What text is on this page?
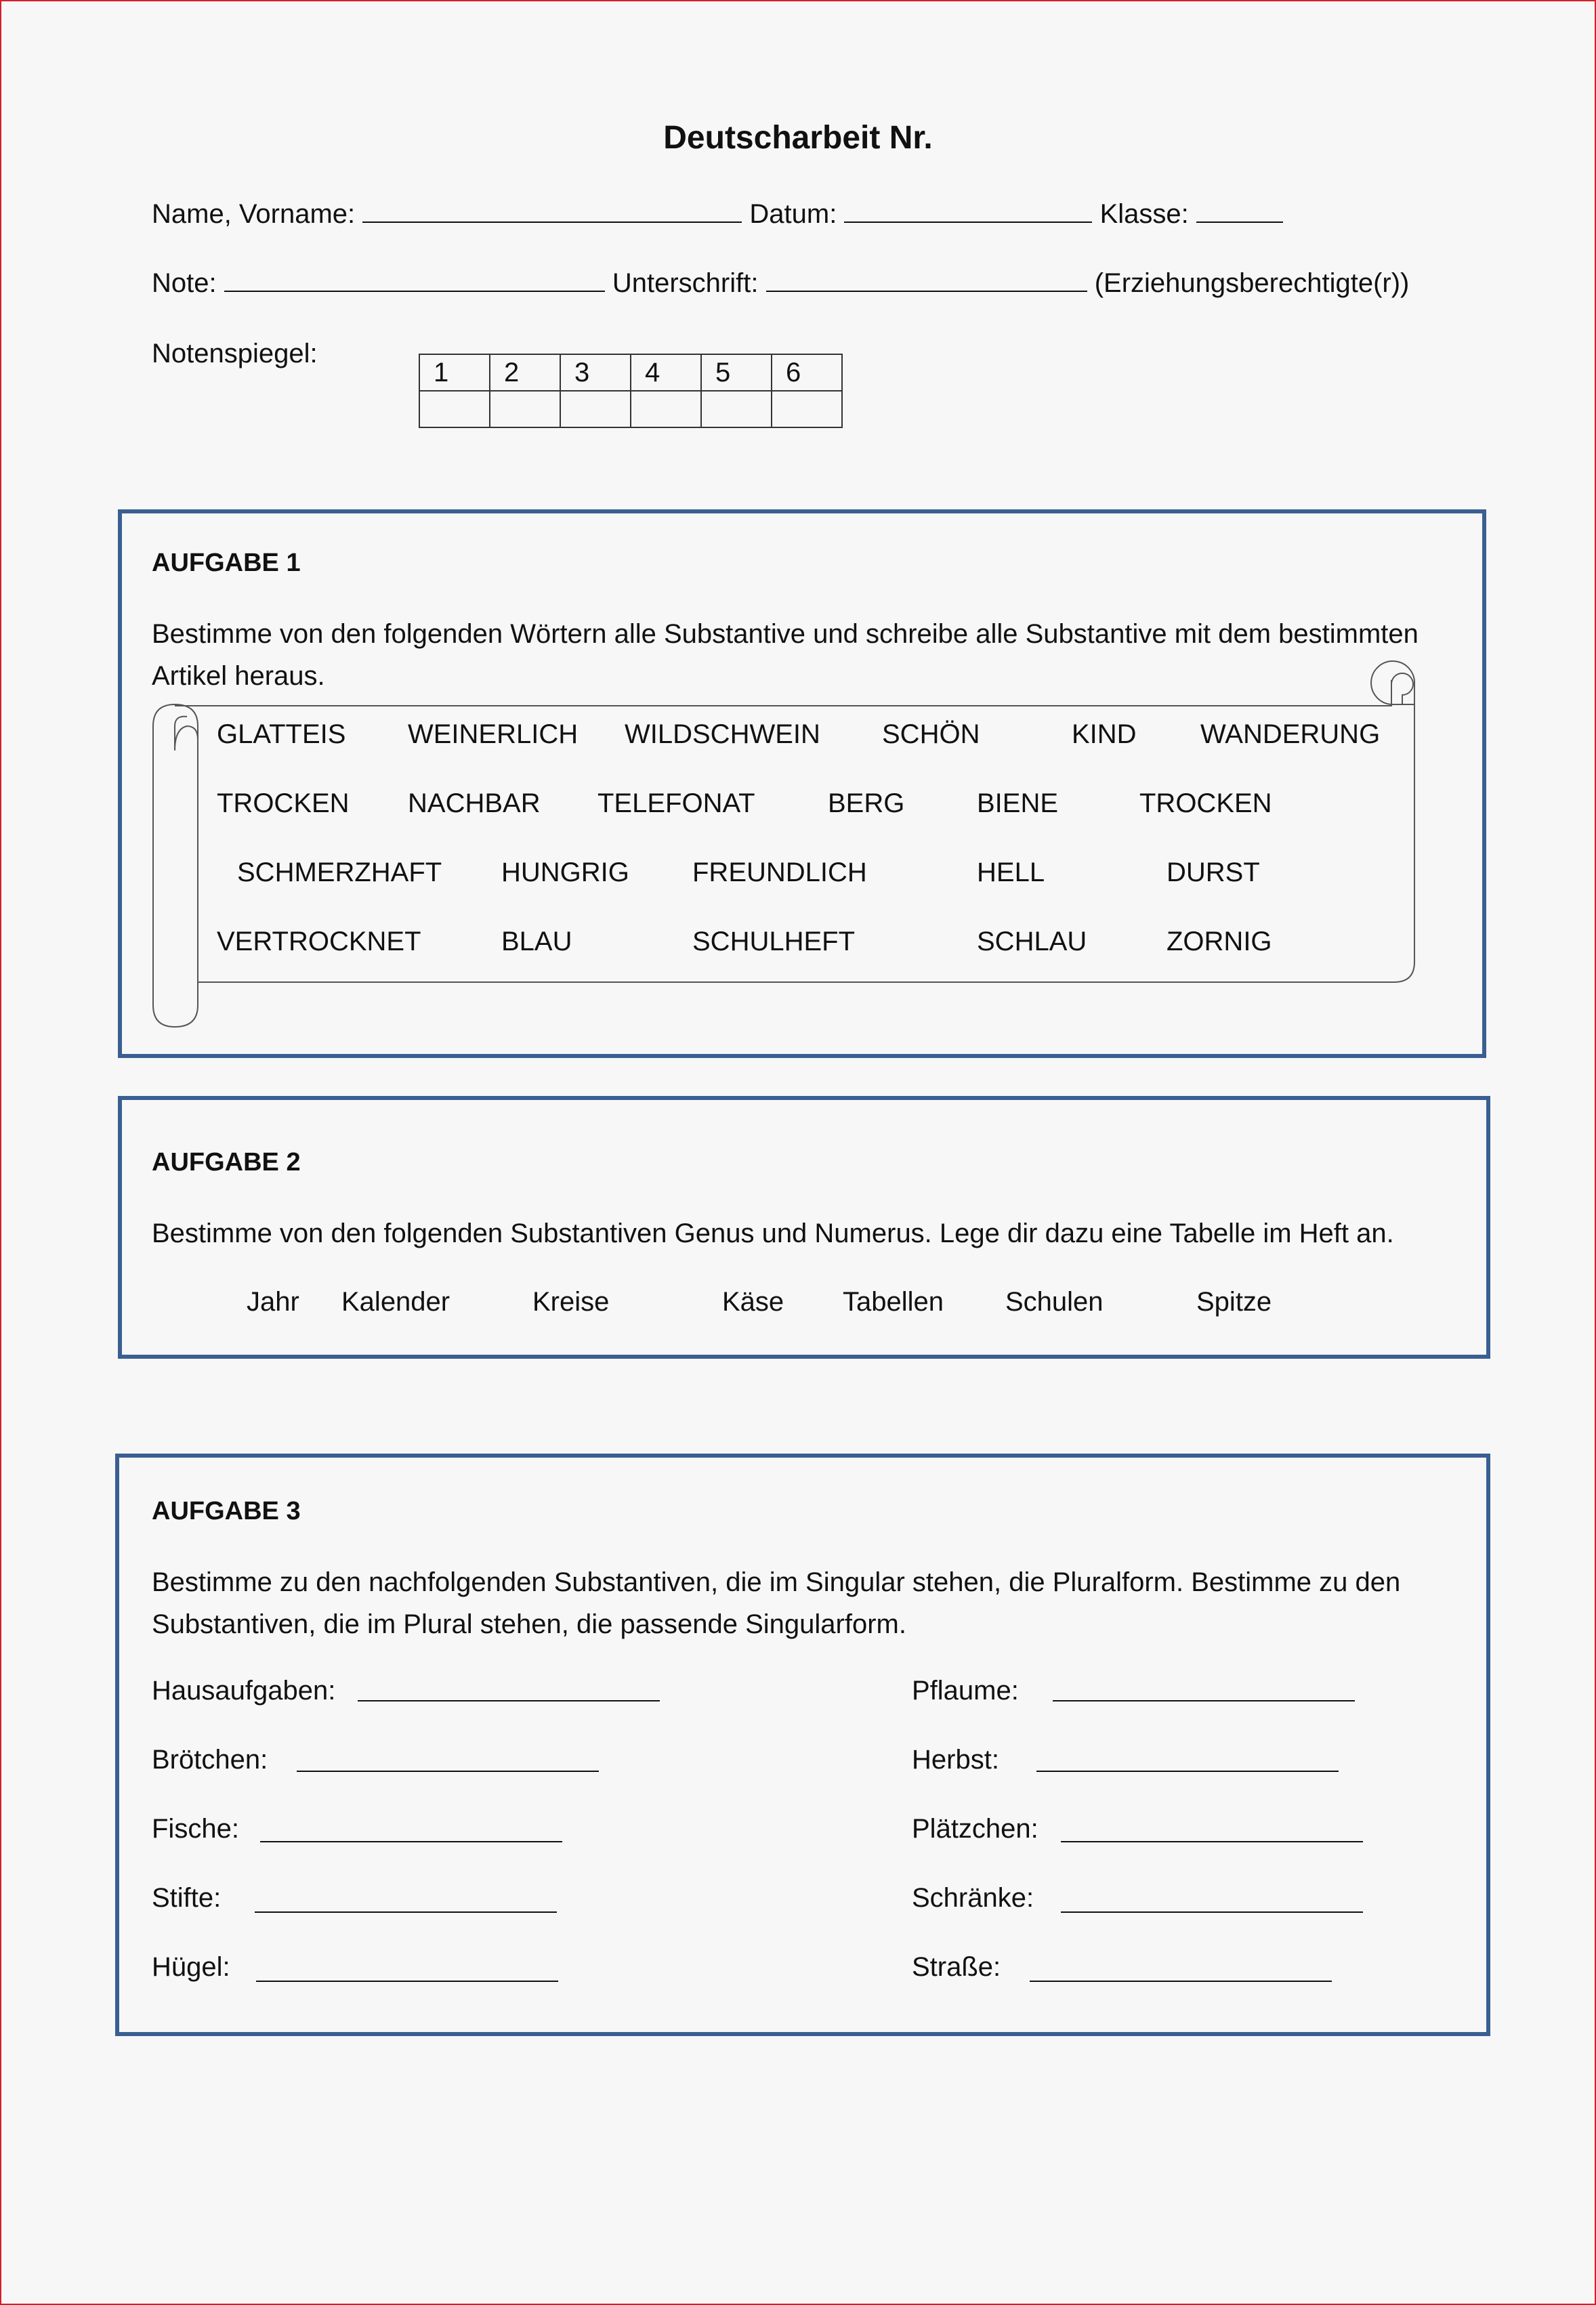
Deutscharbeit Nr.
Name, Vorname:	Datum:	Klasse:
Note:	Unterschrift:	(Erziehungsberechtigte(r))
Notenspiegel:
1	2	3	4	5	6

AUFGABE 1
Bestimme von den folgenden Wörtern alle Substantive und schreibe alle Substantive mit dem bestimmten Artikel heraus.
GLATTEIS WEINERLICH WILDSCHWEIN SCHÖN	KIND WANDERUNG
TROCKEN NACHBAR TELEFONAT	BERG	BIENE	TROCKEN
SCHMERZHAFT HUNGRIG FREUNDLICH	HELL	DURST
VERTROCKNET	BLAU	SCHULHEFT	SCHLAU	ZORNIG
AUFGABE 2
Bestimme von den folgenden Substantiven Genus und Numerus. Lege dir dazu eine Tabelle im Heft an.
Jahr Kalender	Kreise	Käse Tabellen Schulen	Spitze
AUFGABE 3
Bestimme zu den nachfolgenden Substantiven, die im Singular stehen, die Pluralform. Bestimme zu den Substantiven, die im Plural stehen, die passende Singularform.
Hausaufgaben:
Brötchen:
Fische:
Stifte:
Hügel:
Pflaume:
Herbst:
Plätzchen:
Schränke:
Straße:
